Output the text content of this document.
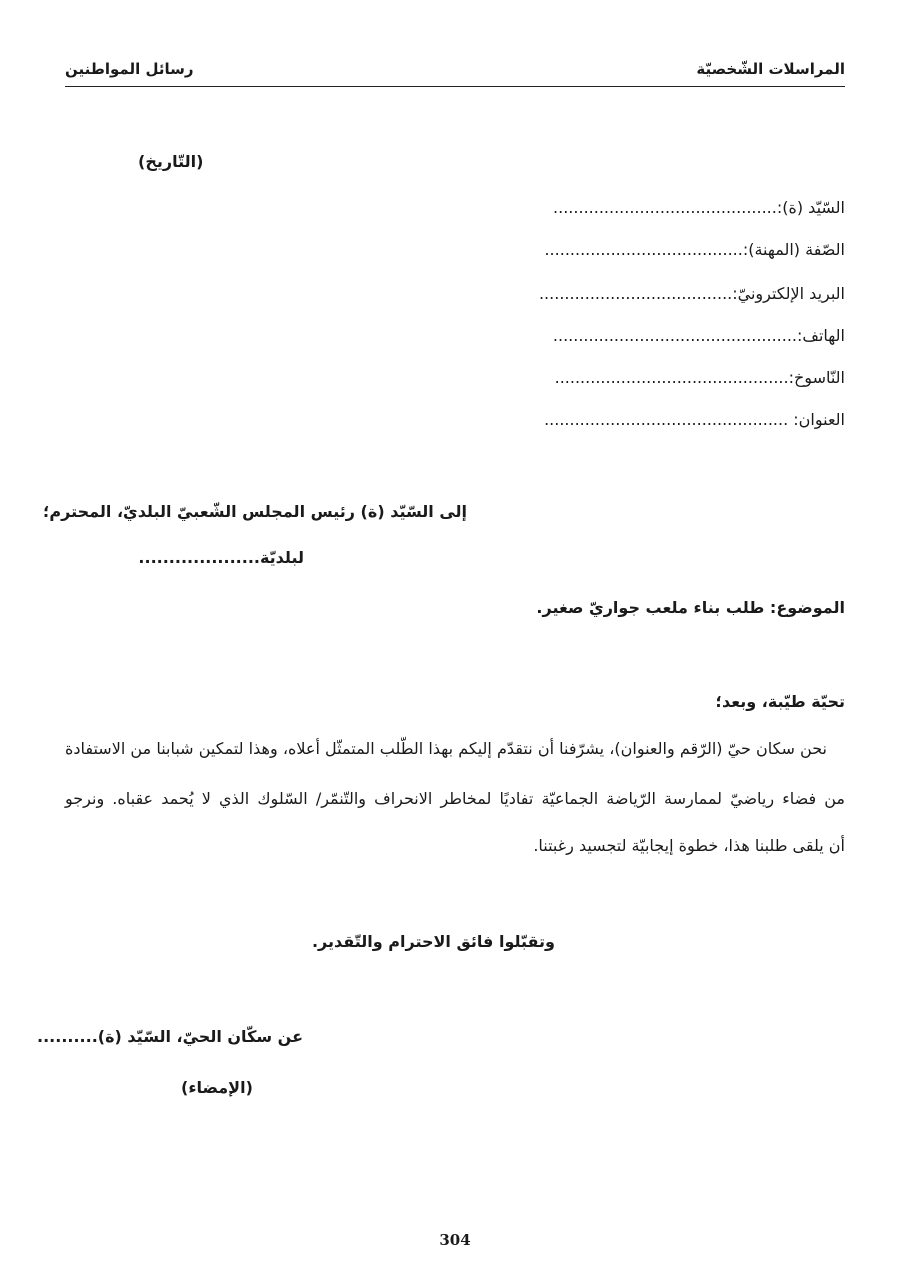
المراسلات الشّخصيّة
رسائل المواطنين
(التّاريخ)
السّيّد (ة):............................................
الصّفة (المهنة):.......................................
البريد الإلكترونيّ:......................................
الهاتف:................................................
النّاسوخ:..............................................
العنوان: ................................................
إلى السّيّد (ة) رئيس المجلس الشّعبيّ البلديّ، المحترم؛
لبلديّة....................
الموضوع: طلب بناء ملعب جواريّ صغير.
تحيّة طيّبة، وبعد؛
نحن سكان حيّ (الرّقم والعنوان)، يشرّفنا أن نتقدّم إليكم بهذا الطّلب المتمثّل أعلاه، وهذا لتمكين شبابنا من الاستفادة
من فضاء رياضيّ لممارسة الرّياضة الجماعيّة تفاديًا لمخاطر الانحراف والتّنمّر/ السّلوك الذي لا يُحمد عقباه. ونرجو
أن يلقى طلبنا هذا، خطوة إيجابيّة لتجسيد رغبتنا.
وتقبّلوا فائق الاحترام والتّقدير.
عن سكّان الحيّ، السّيّد (ة)..........
(الإمضاء)
304
